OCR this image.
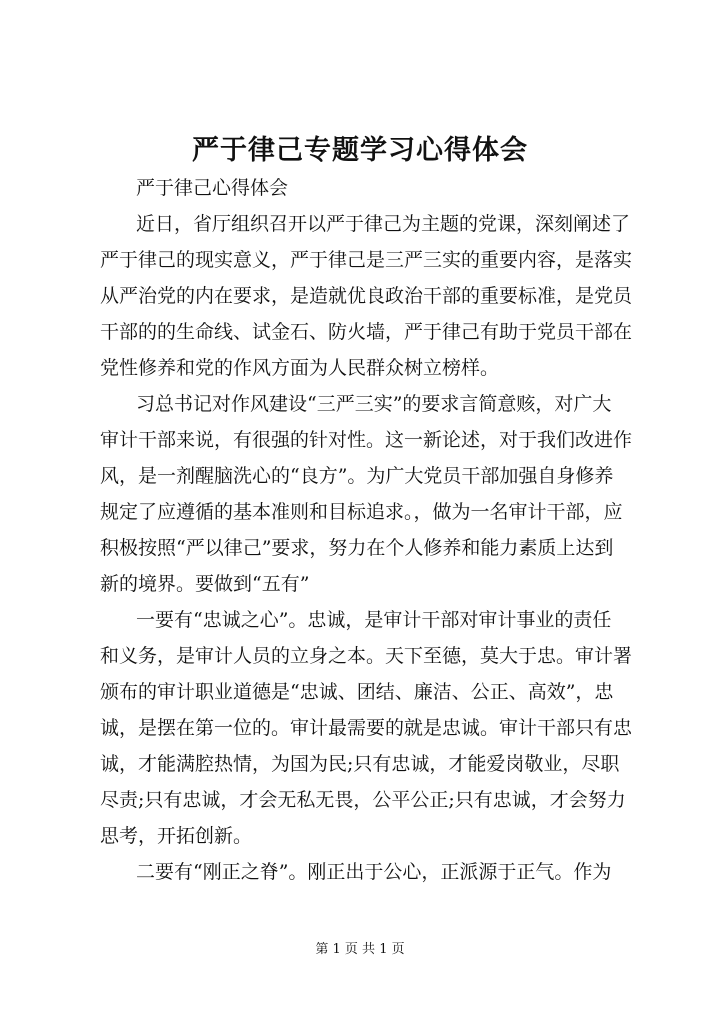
严于律己专题学习心得体会
严于律己心得体会
近日，省厅组织召开以严于律己为主题的党课，深刻阐述了
严于律己的现实意义，严于律己是三严三实的重要内容，是落实
从严治党的内在要求，是造就优良政治干部的重要标准，是党员
干部的的生命线、试金石、防火墙，严于律己有助于党员干部在
党性修养和党的作风方面为人民群众树立榜样。
习总书记对作风建设“三严三实”的要求言简意赅，对广大
审计干部来说，有很强的针对性。这一新论述，对于我们改进作
风，是一剂醒脑洗心的“良方”。为广大党员干部加强自身修养
规定了应遵循的基本准则和目标追求。，做为一名审计干部，应
积极按照“严以律己”要求，努力在个人修养和能力素质上达到
新的境界。要做到“五有”
一要有“忠诚之心”。忠诚，是审计干部对审计事业的责任
和义务，是审计人员的立身之本。天下至德，莫大于忠。审计署
颁布的审计职业道德是“忠诚、团结、廉洁、公正、高效”，忠
诚，是摆在第一位的。审计最需要的就是忠诚。审计干部只有忠
诚，才能满腔热情，为国为民;只有忠诚，才能爱岗敬业，尽职
尽责;只有忠诚，才会无私无畏，公平公正;只有忠诚，才会努力
思考，开拓创新。
二要有“刚正之脊”。刚正出于公心，正派源于正气。作为
第 1 页 共 1 页
